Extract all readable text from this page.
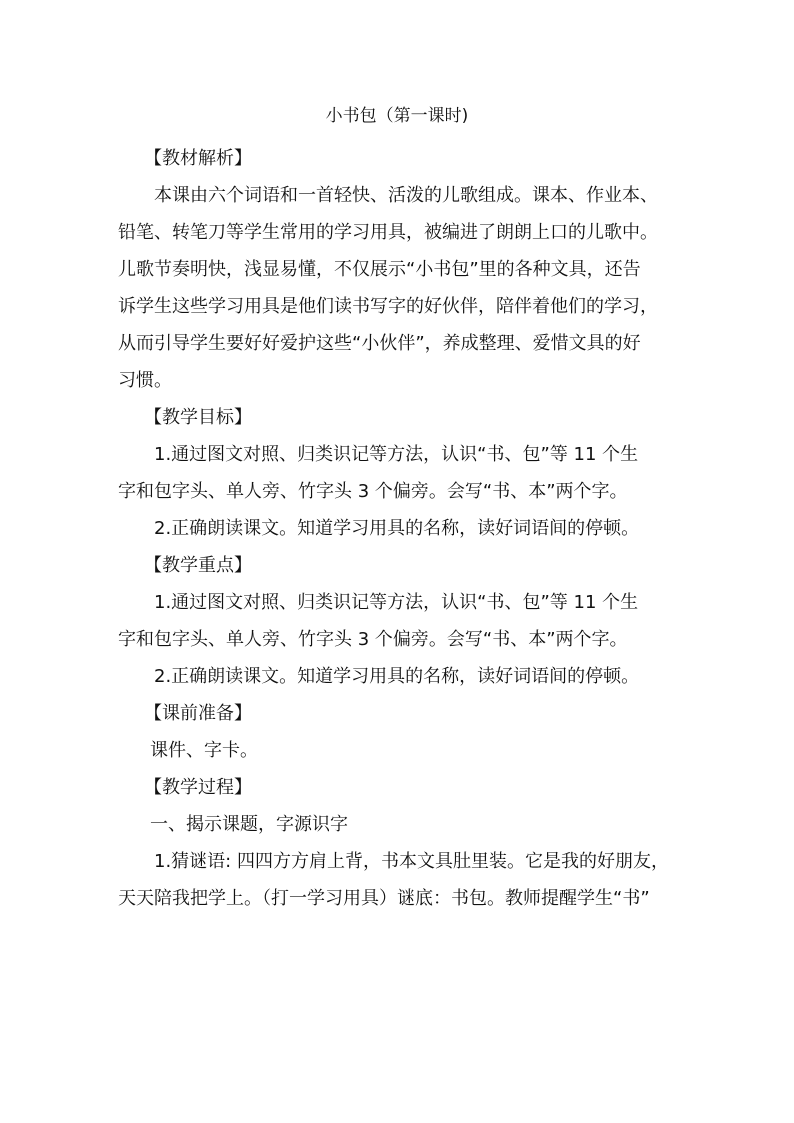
小书包（第一课时)
【教材解析】
本课由六个词语和一首轻快、活泼的儿歌组成。课本、作业本、
铅笔、转笔刀等学生常用的学习用具，被编进了朗朗上口的儿歌中。
儿歌节奏明快，浅显易懂，不仅展示“小书包”里的各种文具，还告
诉学生这些学习用具是他们读书写字的好伙伴，陪伴着他们的学习，
从而引导学生要好好爱护这些“小伙伴”，养成整理、爱惜文具的好
习惯。
【教学目标】
1.通过图文对照、归类识记等方法，认识“书、包”等 11 个生
字和包字头、单人旁、竹字头 3 个偏旁。会写“书、本”两个字。
2.正确朗读课文。知道学习用具的名称，读好词语间的停顿。
【教学重点】
1.通过图文对照、归类识记等方法，认识“书、包”等 11 个生
字和包字头、单人旁、竹字头 3 个偏旁。会写“书、本”两个字。
2.正确朗读课文。知道学习用具的名称，读好词语间的停顿。
【课前准备】
课件、字卡。
【教学过程】
一、揭示课题，字源识字
1.猜谜语: 四四方方肩上背，书本文具肚里装。它是我的好朋友，
天天陪我把学上。（打一学习用具）谜底：书包。教师提醒学生“书”
